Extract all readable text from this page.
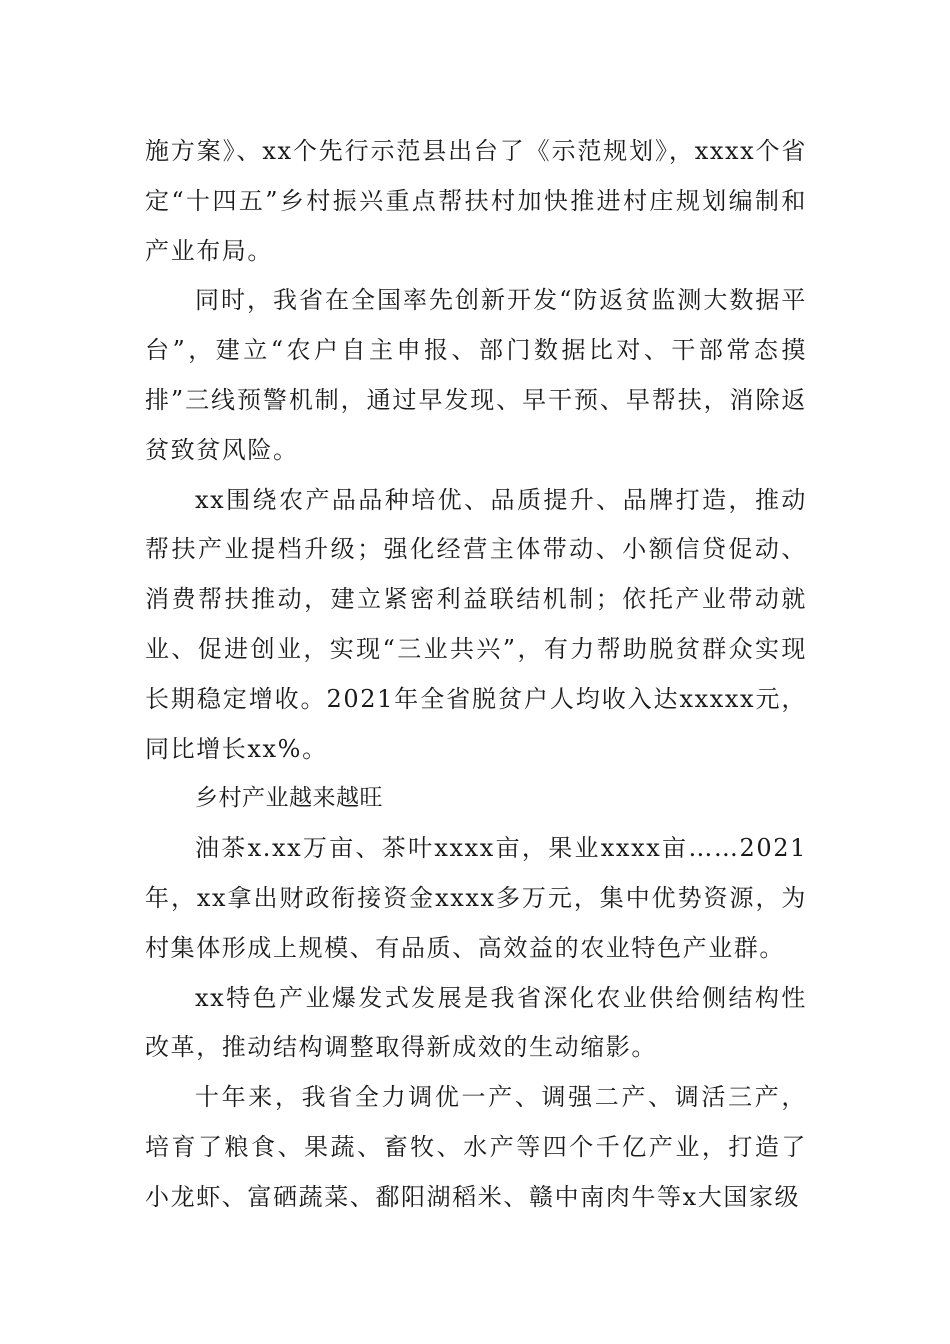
施方案》、xx个先行示范县出台了《示范规划》，xxxx个省定“十四五”乡村振兴重点帮扶村加快推进村庄规划编制和产业布局。

同时，我省在全国率先创新开发“防返贫监测大数据平台”，建立“农户自主申报、部门数据比对、干部常态摸排”三线预警机制，通过早发现、早干预、早帮扶，消除返贫致贫风险。

xx围绕农产品品种培优、品质提升、品牌打造，推动帮扶产业提档升级；强化经营主体带动、小额信贷促动、消费帮扶推动，建立紧密利益联结机制；依托产业带动就业、促进创业，实现“三业共兴”，有力帮助脱贫群众实现长期稳定增收。2021年全省脱贫户人均收入达xxxxx元，同比增长xx%。

乡村产业越来越旺

油茶x.xx万亩、茶叶xxxx亩，果业xxxx亩……2021年，xx拿出财政衔接资金xxxx多万元，集中优势资源，为村集体形成上规模、有品质、高效益的农业特色产业群。

xx特色产业爆发式发展是我省深化农业供给侧结构性改革，推动结构调整取得新成效的生动缩影。

十年来，我省全力调优一产、调强二产、调活三产，培育了粮食、果蔬、畜牧、水产等四个千亿产业，打造了小龙虾、富硒蔬菜、鄱阳湖稻米、赣中南肉牛等x大国家级
